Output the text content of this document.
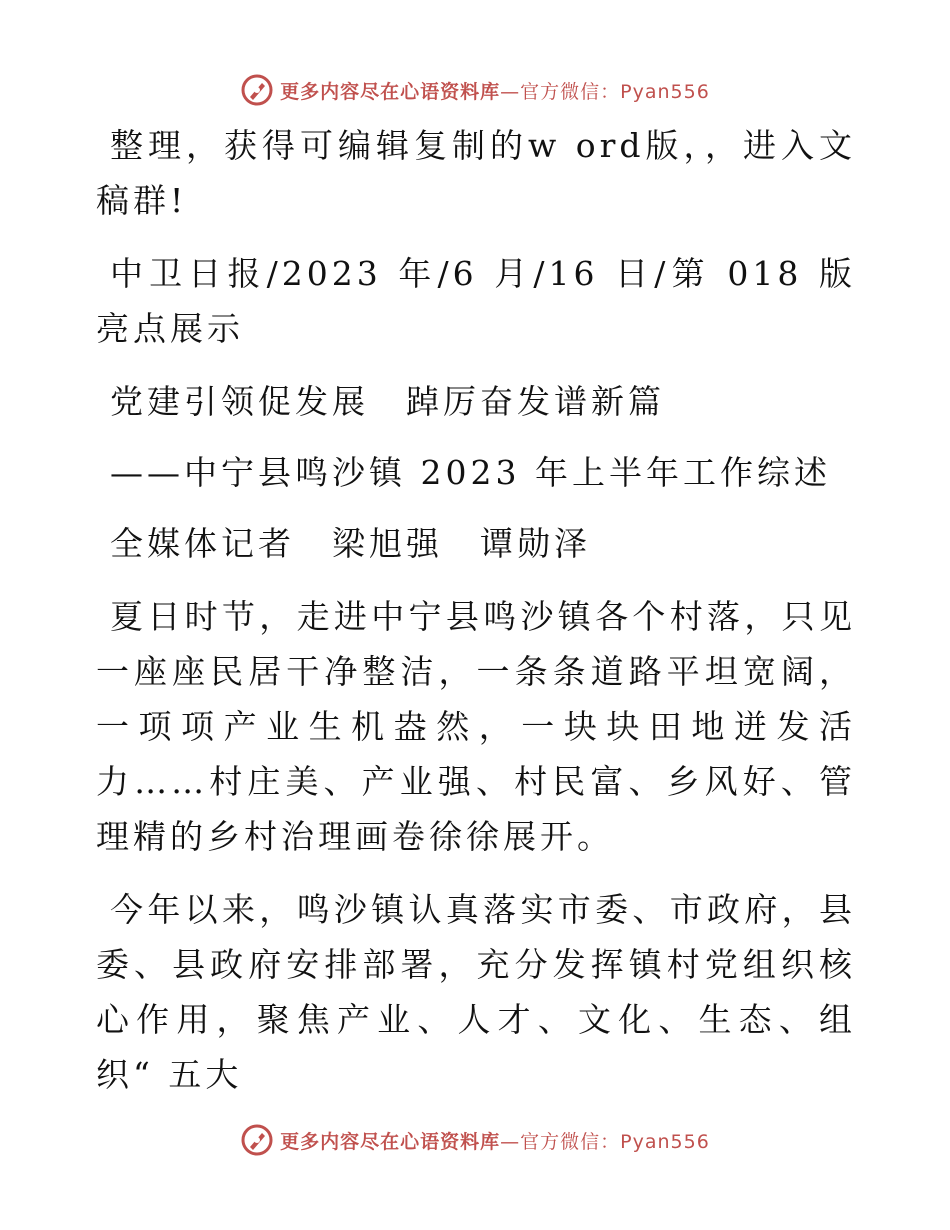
更多内容尽在心语资料库—官方微信：Pyan556

整理，获得可编辑复制的w ord版，，进入文稿群!

中卫日报/2023 年/6 月/16 日/第 018 版亮点展示

党建引领促发展　踔厉奋发谱新篇

——中宁县鸣沙镇 2023 年上半年工作综述

全媒体记者　梁旭强　谭勋泽

夏日时节，走进中宁县鸣沙镇各个村落，只见一座座民居干净整洁，一条条道路平坦宽阔，一项项产业生机盎然，一块块田地迸发活力……村庄美、产业强、村民富、乡风好、管理精的乡村治理画卷徐徐展开。

今年以来，鸣沙镇认真落实市委、市政府，县委、县政府安排部署，充分发挥镇村党组织核心作用，聚焦产业、人才、文化、生态、组织“ 五大

更多内容尽在心语资料库—官方微信：Pyan556
